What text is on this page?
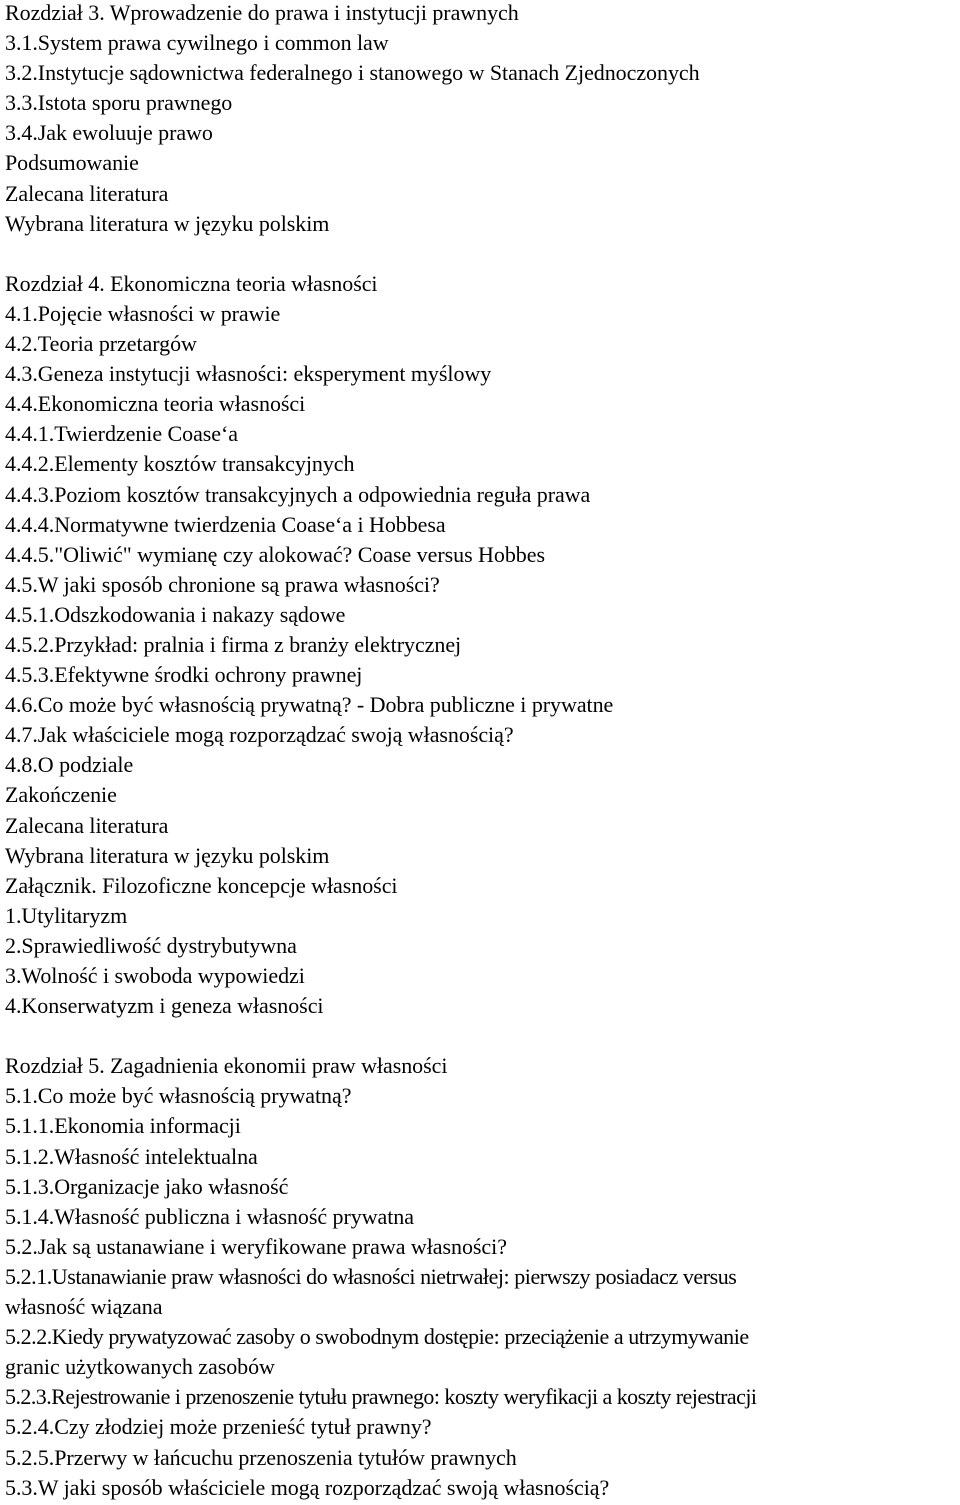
Rozdział 3. Wprowadzenie do prawa i instytucji prawnych
3.1.System prawa cywilnego i common law
3.2.Instytucje sądownictwa federalnego i stanowego w Stanach Zjednoczonych
3.3.Istota sporu prawnego
3.4.Jak ewoluuje prawo
Podsumowanie
Zalecana literatura
Wybrana literatura w języku polskim
Rozdział 4. Ekonomiczna teoria własności
4.1.Pojęcie własności w prawie
4.2.Teoria przetargów
4.3.Geneza instytucji własności: eksperyment myślowy
4.4.Ekonomiczna teoria własności
4.4.1.Twierdzenie Coase‘a
4.4.2.Elementy kosztów transakcyjnych
4.4.3.Poziom kosztów transakcyjnych a odpowiednia reguła prawa
4.4.4.Normatywne twierdzenia Coase‘a i Hobbesa
4.4.5."Oliwić" wymianę czy alokować? Coase versus Hobbes
4.5.W jaki sposób chronione są prawa własności?
4.5.1.Odszkodowania i nakazy sądowe
4.5.2.Przykład: pralnia i firma z branży elektrycznej
4.5.3.Efektywne środki ochrony prawnej
4.6.Co może być własnością prywatną? - Dobra publiczne i prywatne
4.7.Jak właściciele mogą rozporządzać swoją własnością?
4.8.O podziale
Zakończenie
Zalecana literatura
Wybrana literatura w języku polskim
Załącznik. Filozoficzne koncepcje własności
1.Utylitaryzm
2.Sprawiedliwość dystrybutywna
3.Wolność i swoboda wypowiedzi
4.Konserwatyzm i geneza własności
Rozdział 5. Zagadnienia ekonomii praw własności
5.1.Co może być własnością prywatną?
5.1.1.Ekonomia informacji
5.1.2.Własność intelektualna
5.1.3.Organizacje jako własność
5.1.4.Własność publiczna i własność prywatna
5.2.Jak są ustanawiane i weryfikowane prawa własności?
5.2.1.Ustanawianie praw własności do własności nietrwałej: pierwszy posiadacz versus
własność wiązana
5.2.2.Kiedy prywatyzować zasoby o swobodnym dostępie: przeciążenie a utrzymywanie
granic użytkowanych zasobów
5.2.3.Rejestrowanie i przenoszenie tytułu prawnego: koszty weryfikacji a koszty rejestracji
5.2.4.Czy złodziej może przenieść tytuł prawny?
5.2.5.Przerwy w łańcuchu przenoszenia tytułów prawnych
5.3.W jaki sposób właściciele mogą rozporządzać swoją własnością?
